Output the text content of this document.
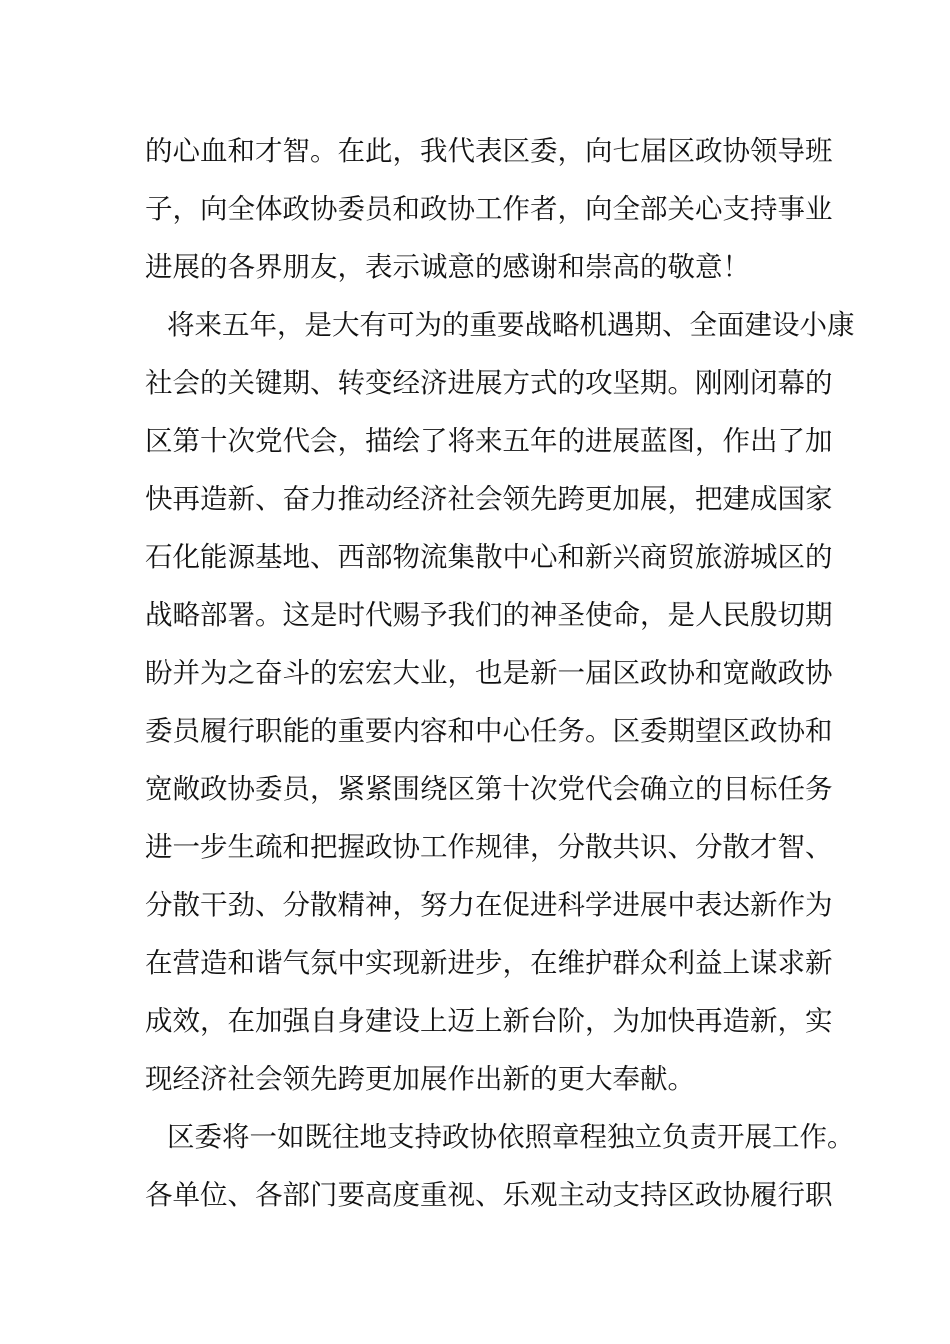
的心血和才智。在此，我代表区委，向七届区政协领导班
子，向全体政协委员和政协工作者，向全部关心支持事业
进展的各界朋友，表示诚意的感谢和崇高的敬意！
将来五年，是大有可为的重要战略机遇期、全面建设小康
社会的关键期、转变经济进展方式的攻坚期。刚刚闭幕的
区第十次党代会，描绘了将来五年的进展蓝图，作出了加
快再造新、奋力推动经济社会领先跨更加展，把建成国家
石化能源基地、西部物流集散中心和新兴商贸旅游城区的
战略部署。这是时代赐予我们的神圣使命，是人民殷切期
盼并为之奋斗的宏宏大业，也是新一届区政协和宽敞政协
委员履行职能的重要内容和中心任务。区委期望区政协和
宽敞政协委员，紧紧围绕区第十次党代会确立的目标任务
进一步生疏和把握政协工作规律，分散共识、分散才智、
分散干劲、分散精神，努力在促进科学进展中表达新作为
在营造和谐气氛中实现新进步，在维护群众利益上谋求新
成效，在加强自身建设上迈上新台阶，为加快再造新，实
现经济社会领先跨更加展作出新的更大奉献。
区委将一如既往地支持政协依照章程独立负责开展工作。
各单位、各部门要高度重视、乐观主动支持区政协履行职
